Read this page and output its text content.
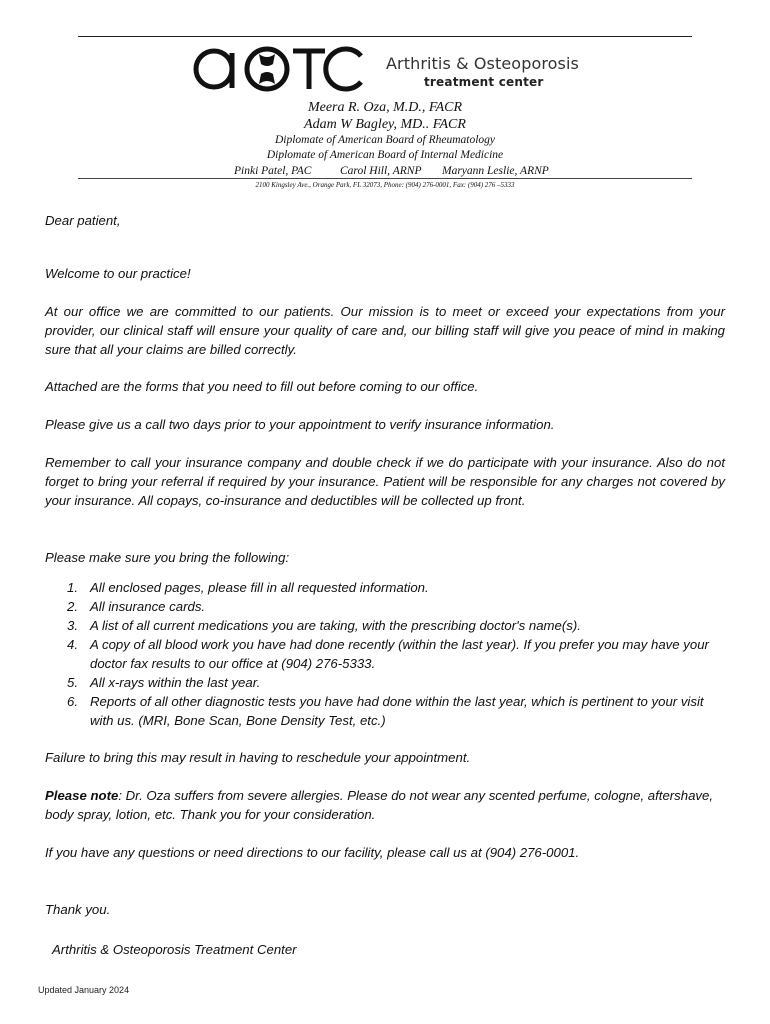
Arthritis & Osteoporosis
treatment center
Meera R. Oza, M.D., FACR
Adam W Bagley, MD.. FACR
Diplomate of American Board of Rheumatology
Diplomate of American Board of Internal Medicine
Pinki Patel, PAC Carol Hill, ARNP Maryann Leslie, ARNP
2100 Kingsley Ave., Orange Park, FL 32073, Phone: (904) 276-0001, Fax: (904) 276 –5333
Dear patient,
Welcome to our practice!
At our office we are committed to our patients. Our mission is to meet or exceed your expectations from your provider, our clinical staff will ensure your quality of care and, our billing staff will give you peace of mind in making sure that all your claims are billed correctly.
Attached are the forms that you need to fill out before coming to our office.
Please give us a call two days prior to your appointment to verify insurance information.
Remember to call your insurance company and double check if we do participate with your insurance. Also do not forget to bring your referral if required by your insurance. Patient will be responsible for any charges not covered by your insurance. All copays, co-insurance and deductibles will be collected up front.
Please make sure you bring the following:
1. All enclosed pages, please fill in all requested information.
2. All insurance cards.
3. A list of all current medications you are taking, with the prescribing doctor's name(s).
4. A copy of all blood work you have had done recently (within the last year). If you prefer you may have your doctor fax results to our office at (904) 276-5333.
5. All x-rays within the last year.
6. Reports of all other diagnostic tests you have had done within the last year, which is pertinent to your visit with us. (MRI, Bone Scan, Bone Density Test, etc.)
Failure to bring this may result in having to reschedule your appointment.
Please note: Dr. Oza suffers from severe allergies. Please do not wear any scented perfume, cologne, aftershave, body spray, lotion, etc. Thank you for your consideration.
If you have any questions or need directions to our facility, please call us at (904) 276-0001.
Thank you.
Arthritis & Osteoporosis Treatment Center
Updated January 2024
